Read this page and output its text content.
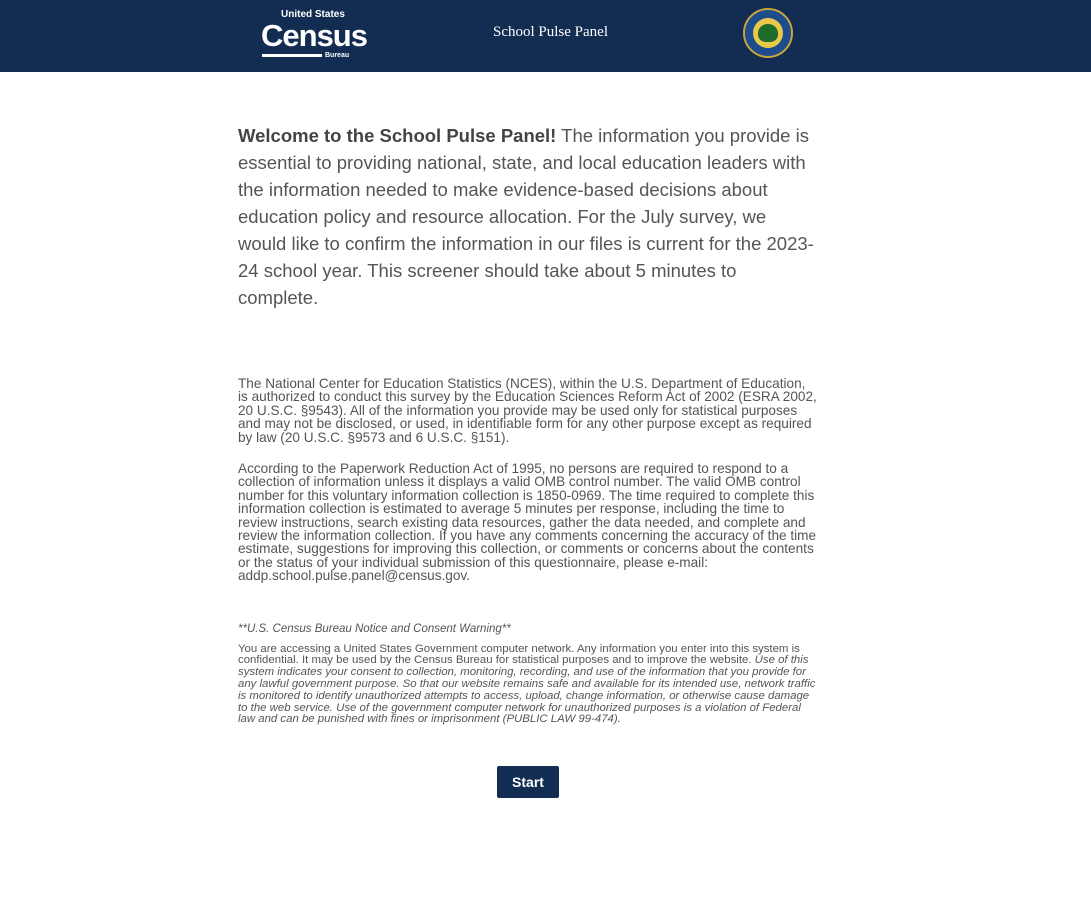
United States
Census
Bureau
School Pulse Panel

Welcome to the School Pulse Panel! The information you provide is essential to providing national, state, and local education leaders with the information needed to make evidence-based decisions about education policy and resource allocation. For the July survey, we would like to confirm the information in our files is current for the 2023-24 school year. This screener should take about 5 minutes to complete.

The National Center for Education Statistics (NCES), within the U.S. Department of Education, is authorized to conduct this survey by the Education Sciences Reform Act of 2002 (ESRA 2002, 20 U.S.C. §9543). All of the information you provide may be used only for statistical purposes and may not be disclosed, or used, in identifiable form for any other purpose except as required by law (20 U.S.C. §9573 and 6 U.S.C. §151).

According to the Paperwork Reduction Act of 1995, no persons are required to respond to a collection of information unless it displays a valid OMB control number. The valid OMB control number for this voluntary information collection is 1850-0969. The time required to complete this information collection is estimated to average 5 minutes per response, including the time to review instructions, search existing data resources, gather the data needed, and complete and review the information collection. If you have any comments concerning the accuracy of the time estimate, suggestions for improving this collection, or comments or concerns about the contents or the status of your individual submission of this questionnaire, please e-mail: addp.school.pulse.panel@census.gov.

**U.S. Census Bureau Notice and Consent Warning**
You are accessing a United States Government computer network. Any information you enter into this system is confidential. It may be used by the Census Bureau for statistical purposes and to improve the website. Use of this system indicates your consent to collection, monitoring, recording, and use of the information that you provide for any lawful government purpose. So that our website remains safe and available for its intended use, network traffic is monitored to identify unauthorized attempts to access, upload, change information, or otherwise cause damage to the web service. Use of the government computer network for unauthorized purposes is a violation of Federal law and can be punished with fines or imprisonment (PUBLIC LAW 99-474).
Start
